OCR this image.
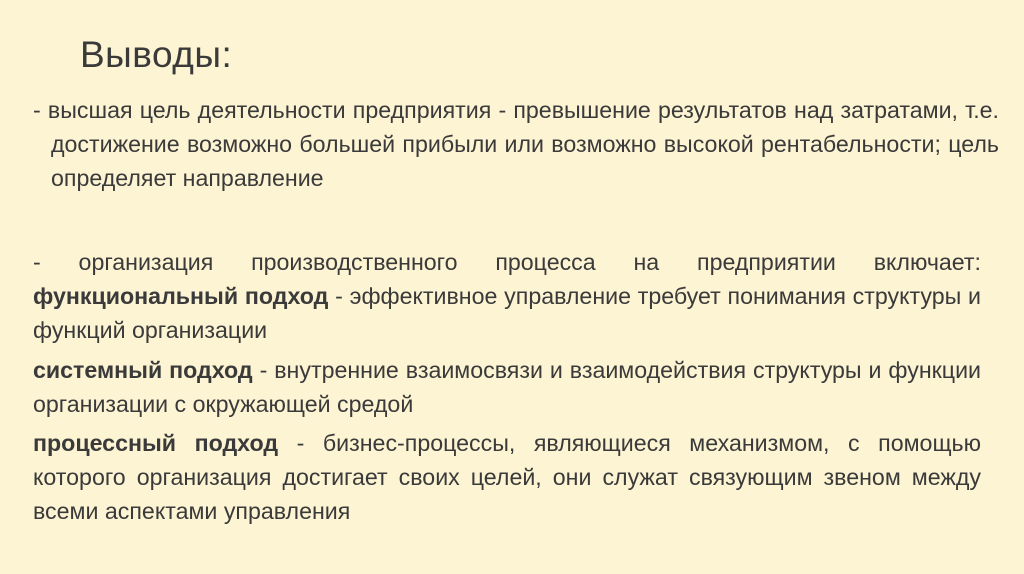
Выводы:
- высшая цель деятельности предприятия - превышение результатов над затратами, т.е. достижение возможно большей прибыли или возможно высокой рентабельности; цель определяет направление
- организация производственного процесса на предприятии включает: функциональный подход - эффективное управление требует понимания структуры и функций организации
системный подход - внутренние взаимосвязи и взаимодействия структуры и функции организации с окружающей средой
процессный подход - бизнес-процессы, являющиеся механизмом, с помощью которого организация достигает своих целей, они служат связующим звеном между всеми аспектами управления
